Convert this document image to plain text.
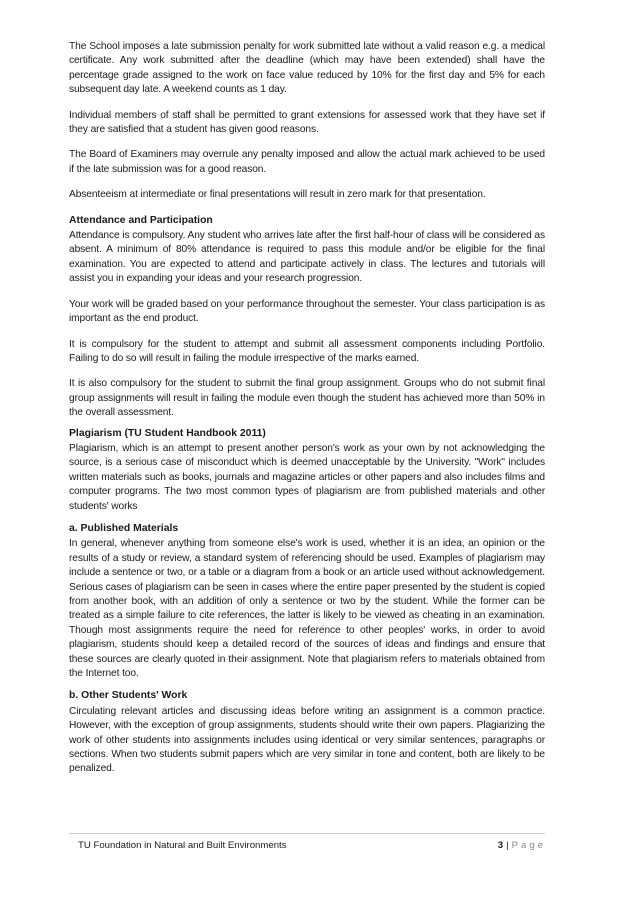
The School imposes a late submission penalty for work submitted late without a valid reason e.g. a medical certificate. Any work submitted after the deadline (which may have been extended) shall have the percentage grade assigned to the work on face value reduced by 10% for the first day and 5% for each subsequent day late. A weekend counts as 1 day.

Individual members of staff shall be permitted to grant extensions for assessed work that they have set if they are satisfied that a student has given good reasons.

The Board of Examiners may overrule any penalty imposed and allow the actual mark achieved to be used if the late submission was for a good reason.

Absenteeism at intermediate or final presentations will result in zero mark for that presentation.

Attendance and Participation

Attendance is compulsory. Any student who arrives late after the first half-hour of class will be considered as absent. A minimum of 80% attendance is required to pass this module and/or be eligible for the final examination. You are expected to attend and participate actively in class. The lectures and tutorials will assist you in expanding your ideas and your research progression.

Your work will be graded based on your performance throughout the semester. Your class participation is as important as the end product.

It is compulsory for the student to attempt and submit all assessment components including Portfolio. Failing to do so will result in failing the module irrespective of the marks earned.

It is also compulsory for the student to submit the final group assignment. Groups who do not submit final group assignments will result in failing the module even though the student has achieved more than 50% in the overall assessment.

Plagiarism (TU Student Handbook 2011)

Plagiarism, which is an attempt to present another person's work as your own by not acknowledging the source, is a serious case of misconduct which is deemed unacceptable by the University. "Work" includes written materials such as books, journals and magazine articles or other papers and also includes films and computer programs. The two most common types of plagiarism are from published materials and other students' works

a. Published Materials

In general, whenever anything from someone else's work is used, whether it is an idea, an opinion or the results of a study or review, a standard system of referencing should be used. Examples of plagiarism may include a sentence or two, or a table or a diagram from a book or an article used without acknowledgement. Serious cases of plagiarism can be seen in cases where the entire paper presented by the student is copied from another book, with an addition of only a sentence or two by the student. While the former can be treated as a simple failure to cite references, the latter is likely to be viewed as cheating in an examination. Though most assignments require the need for reference to other peoples' works, in order to avoid plagiarism, students should keep a detailed record of the sources of ideas and findings and ensure that these sources are clearly quoted in their assignment. Note that plagiarism refers to materials obtained from the Internet too.

b. Other Students' Work

Circulating relevant articles and discussing ideas before writing an assignment is a common practice. However, with the exception of group assignments, students should write their own papers. Plagiarizing the work of other students into assignments includes using identical or very similar sentences, paragraphs or sections. When two students submit papers which are very similar in tone and content, both are likely to be penalized.

TU Foundation in Natural and Built Environments	3 | Page
